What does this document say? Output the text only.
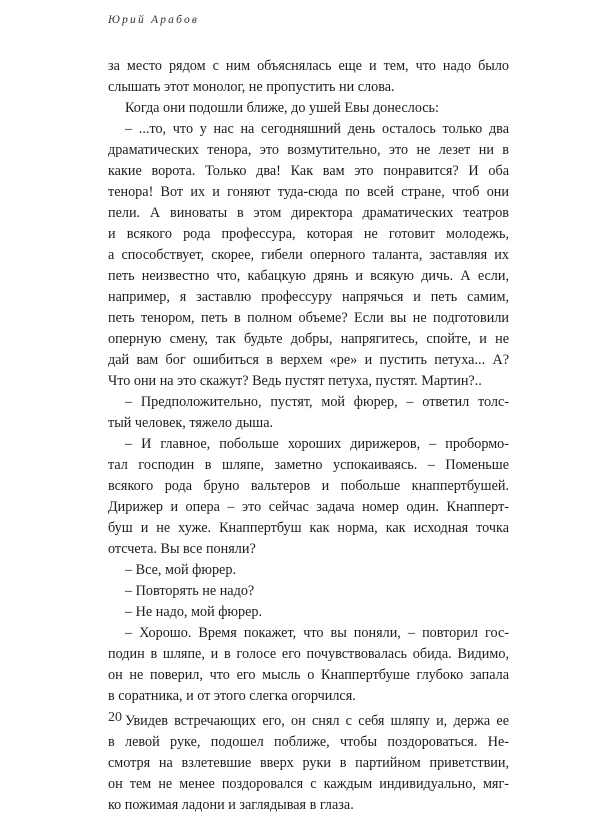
Юрий Арабов
за место рядом с ним объяснялась еще и тем, что надо было
слышать этот монолог, не пропустить ни слова.
Когда они подошли ближе, до ушей Евы донеслось:
– ...то, что у нас на сегодняшний день осталось только два
драматических тенора, это возмутительно, это не лезет ни в
какие ворота. Только два! Как вам это понравится? И оба
тенора! Вот их и гоняют туда-сюда по всей стране, чтоб они
пели. А виноваты в этом директора драматических театров
и всякого рода профессура, которая не готовит молодежь,
а способствует, скорее, гибели оперного таланта, заставляя их
петь неизвестно что, кабацкую дрянь и всякую дичь. А если,
например, я заставлю профессуру напрячься и петь самим,
петь тенором, петь в полном объеме? Если вы не подготовили
оперную смену, так будьте добры, напрягитесь, спойте, и не
дай вам бог ошибиться в верхем «ре» и пустить петуха... А?
Что они на это скажут? Ведь пустят петуха, пустят. Мартин?..
– Предположительно, пустят, мой фюрер, – ответил толс-
тый человек, тяжело дыша.
– И главное, побольше хороших дирижеров, – пробормо-
тал господин в шляпе, заметно успокаиваясь. – Поменьше
всякого рода бруно вальтеров и побольше кнаппертбушей.
Дирижер и опера – это сейчас задача номер один. Кнапперт-
буш и не хуже. Кнаппертбуш как норма, как исходная точка
отсчета. Вы все поняли?
– Все, мой фюрер.
– Повторять не надо?
– Не надо, мой фюрер.
– Хорошо. Время покажет, что вы поняли, – повторил гос-
подин в шляпе, и в голосе его почувствовалась обида. Видимо,
он не поверил, что его мысль о Кнаппертбуше глубоко запала
в соратника, и от этого слегка огорчился.
Увидев встречающих его, он снял с себя шляпу и, держа ее
в левой руке, подошел поближе, чтобы поздороваться. Не-
смотря на взлетевшие вверх руки в партийном приветствии,
он тем не менее поздоровался с каждым индивидуально, мяг-
ко пожимая ладони и заглядывая в глаза.
20
